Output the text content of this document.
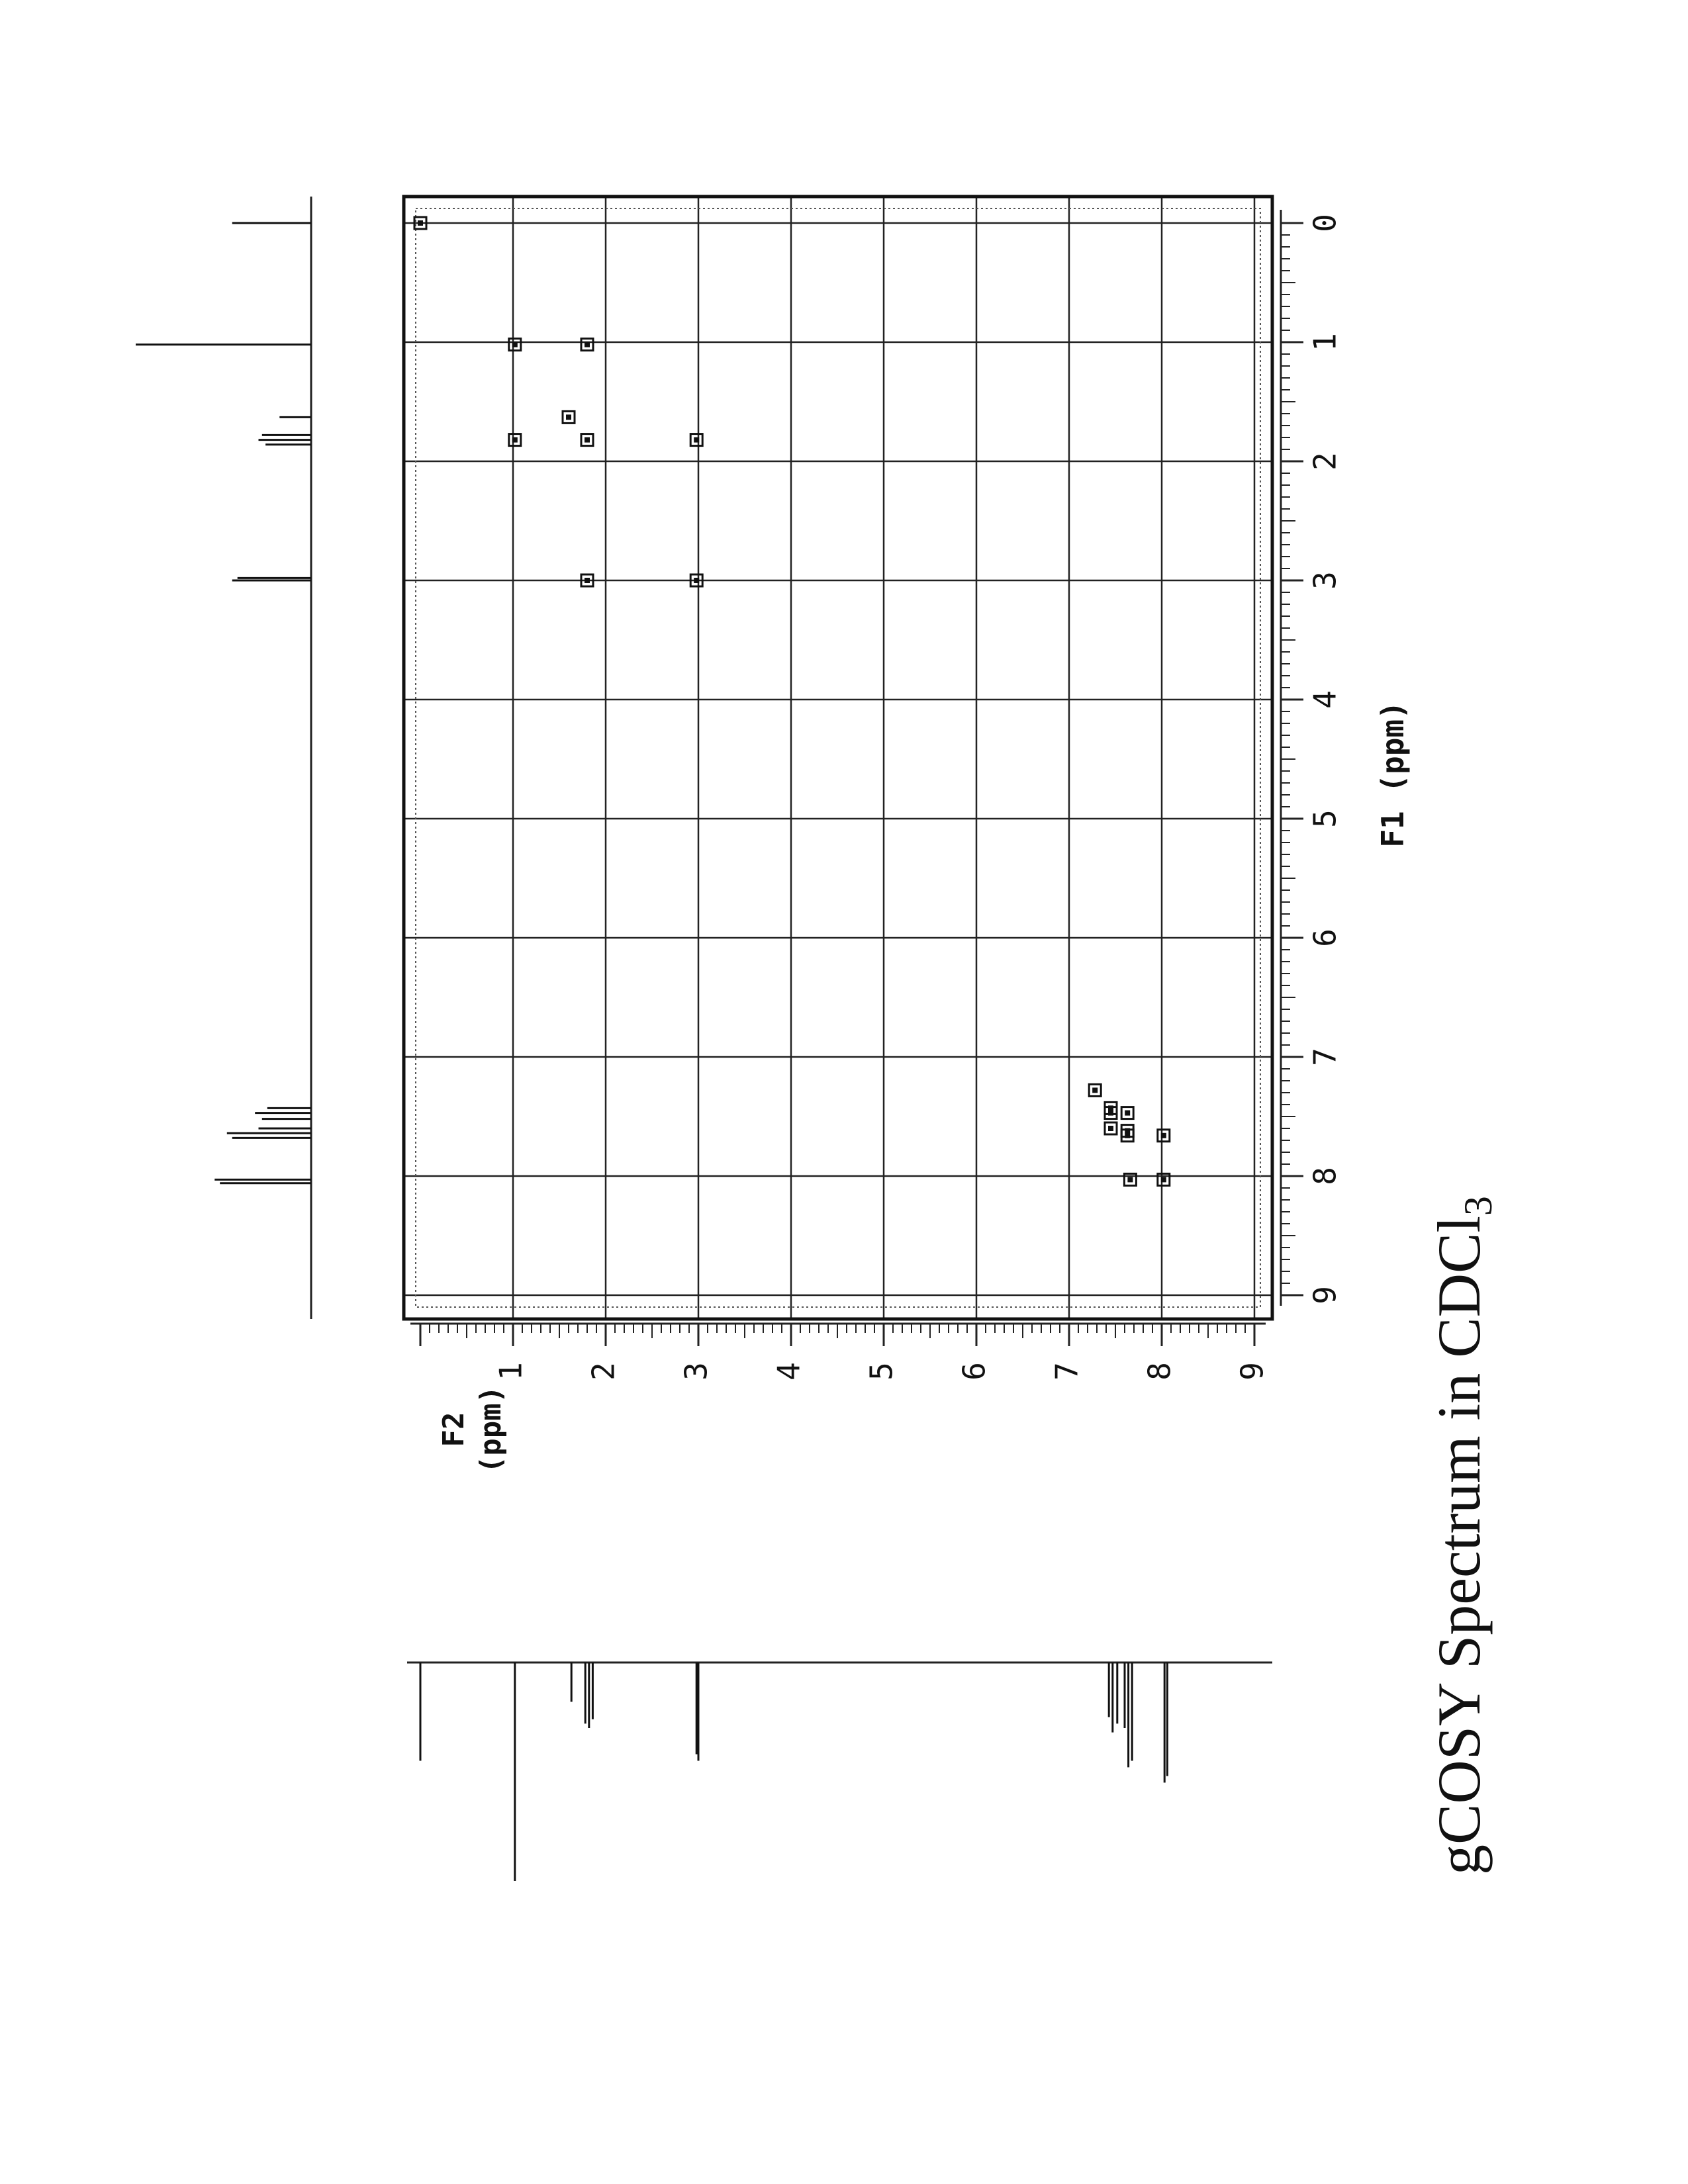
0
1
2
3
4
5
6
7
8
9
1 2 3 4 5 6 7 8 9
F1 (ppm)
F2 (ppm)	gCOSY Spectrum in CDCl3
